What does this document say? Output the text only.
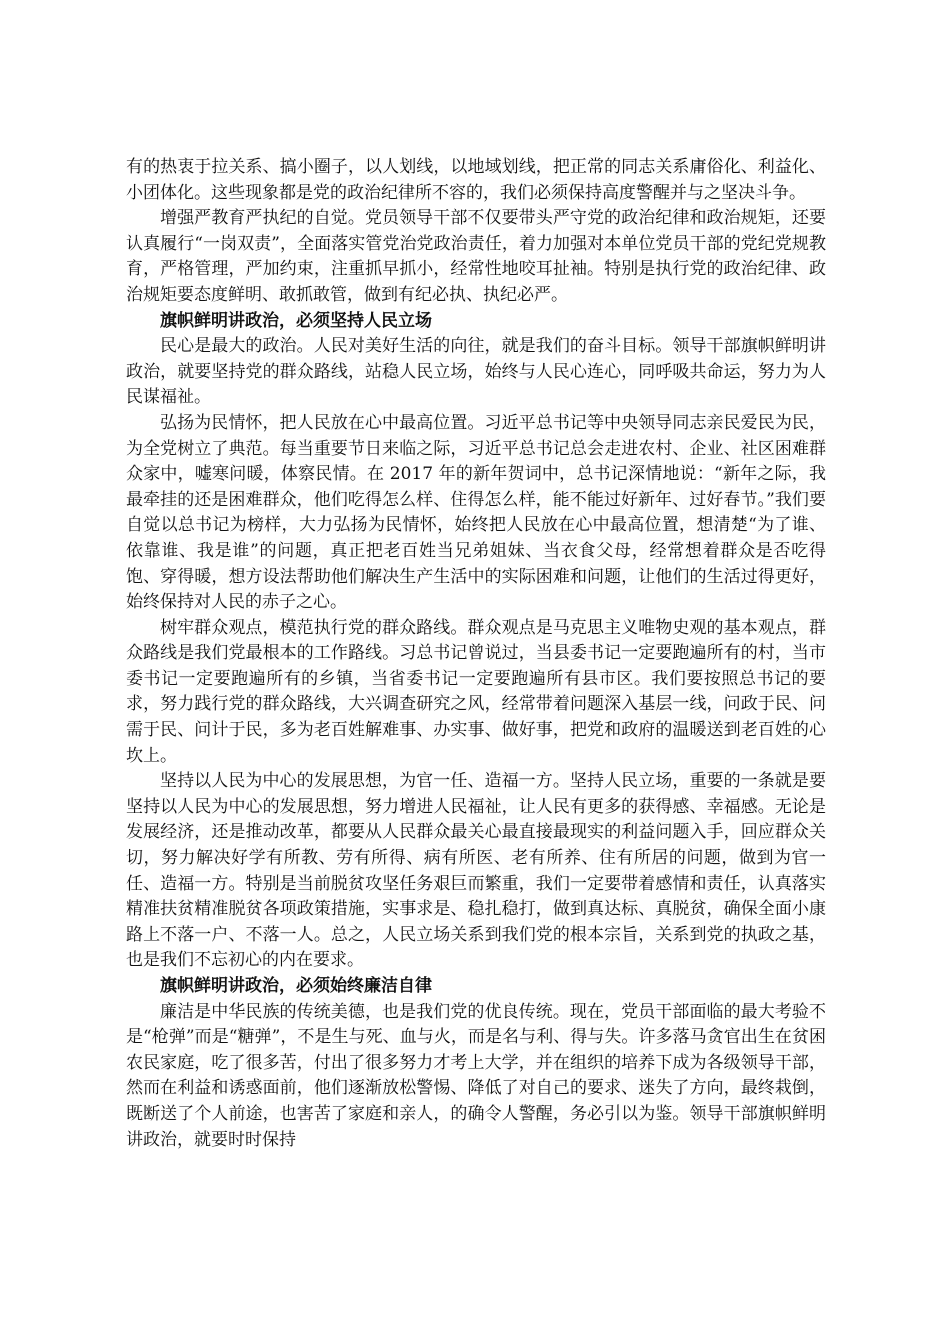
有的热衷于拉关系、搞小圈子，以人划线，以地域划线，把正常的同志关系庸俗化、利益化、小团体化。这些现象都是党的政治纪律所不容的，我们必须保持高度警醒并与之坚决斗争。

增强严教育严执纪的自觉。党员领导干部不仅要带头严守党的政治纪律和政治规矩，还要认真履行“一岗双责”，全面落实管党治党政治责任，着力加强对本单位党员干部的党纪党规教育，严格管理，严加约束，注重抓早抓小，经常性地咬耳扯袖。特别是执行党的政治纪律、政治规矩要态度鲜明、敢抓敢管，做到有纪必执、执纪必严。

旗帜鲜明讲政治，必须坚持人民立场

民心是最大的政治。人民对美好生活的向往，就是我们的奋斗目标。领导干部旗帜鲜明讲政治，就要坚持党的群众路线，站稳人民立场，始终与人民心连心，同呼吸共命运，努力为人民谋福祉。

弘扬为民情怀，把人民放在心中最高位置。习近平总书记等中央领导同志亲民爱民为民，为全党树立了典范。每当重要节日来临之际，习近平总书记总会走进农村、企业、社区困难群众家中，嘘寒问暖，体察民情。在 2017 年的新年贺词中，总书记深情地说：“新年之际，我最牵挂的还是困难群众，他们吃得怎么样、住得怎么样，能不能过好新年、过好春节。”我们要自觉以总书记为榜样，大力弘扬为民情怀，始终把人民放在心中最高位置，想清楚“为了谁、依靠谁、我是谁”的问题，真正把老百姓当兄弟姐妹、当衣食父母，经常想着群众是否吃得饱、穿得暖，想方设法帮助他们解决生产生活中的实际困难和问题，让他们的生活过得更好，始终保持对人民的赤子之心。

树牢群众观点，模范执行党的群众路线。群众观点是马克思主义唯物史观的基本观点，群众路线是我们党最根本的工作路线。习总书记曾说过，当县委书记一定要跑遍所有的村，当市委书记一定要跑遍所有的乡镇，当省委书记一定要跑遍所有县市区。我们要按照总书记的要求，努力践行党的群众路线，大兴调查研究之风，经常带着问题深入基层一线，问政于民、问需于民、问计于民，多为老百姓解难事、办实事、做好事，把党和政府的温暖送到老百姓的心坎上。

坚持以人民为中心的发展思想，为官一任、造福一方。坚持人民立场，重要的一条就是要坚持以人民为中心的发展思想，努力增进人民福祉，让人民有更多的获得感、幸福感。无论是发展经济，还是推动改革，都要从人民群众最关心最直接最现实的利益问题入手，回应群众关切，努力解决好学有所教、劳有所得、病有所医、老有所养、住有所居的问题，做到为官一任、造福一方。特别是当前脱贫攻坚任务艰巨而繁重，我们一定要带着感情和责任，认真落实精准扶贫精准脱贫各项政策措施，实事求是、稳扎稳打，做到真达标、真脱贫，确保全面小康路上不落一户、不落一人。总之，人民立场关系到我们党的根本宗旨，关系到党的执政之基，也是我们不忘初心的内在要求。

旗帜鲜明讲政治，必须始终廉洁自律

廉洁是中华民族的传统美德，也是我们党的优良传统。现在，党员干部面临的最大考验不是“枪弹”而是“糖弹”，不是生与死、血与火，而是名与利、得与失。许多落马贪官出生在贫困农民家庭，吃了很多苦，付出了很多努力才考上大学，并在组织的培养下成为各级领导干部，然而在利益和诱惑面前，他们逐渐放松警惕、降低了对自己的要求、迷失了方向，最终栽倒，既断送了个人前途，也害苦了家庭和亲人，的确令人警醒，务必引以为鉴。领导干部旗帜鲜明讲政治，就要时时保持
